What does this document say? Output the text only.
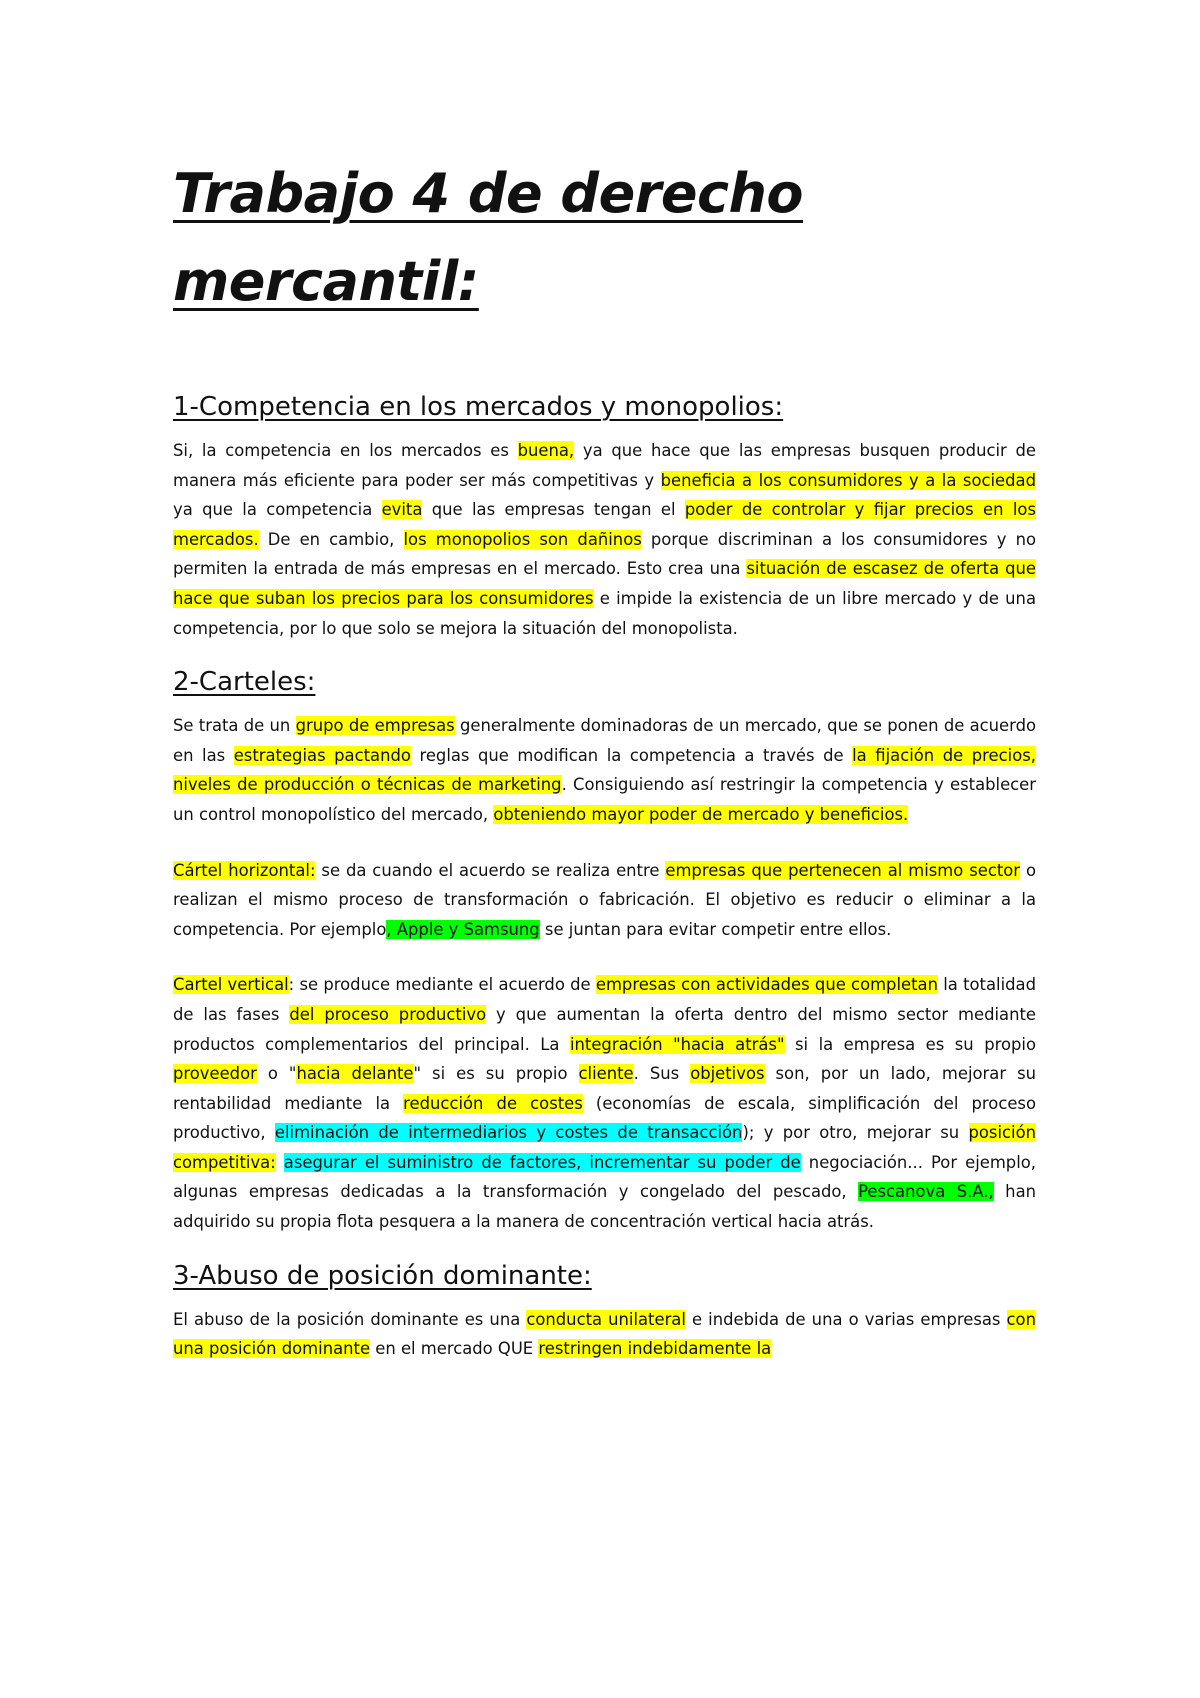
Trabajo 4 de derecho
mercantil:
1-Competencia en los mercados y monopolios:

Si, la competencia en los mercados es buena, ya que hace que las empresas busquen producir de manera más eficiente para poder ser más competitivas y beneficia a los consumidores y a la sociedad ya que la competencia evita que las empresas tengan el poder de controlar y fijar precios en los mercados. De en cambio, los monopolios son dañinos porque discriminan a los consumidores y no permiten la entrada de más empresas en el mercado. Esto crea una situación de escasez de oferta que hace que suban los precios para los consumidores e impide la existencia de un libre mercado y de una competencia, por lo que solo se mejora la situación del monopolista.

2-Carteles:

Se trata de un grupo de empresas generalmente dominadoras de un mercado, que se ponen de acuerdo en las estrategias pactando reglas que modifican la competencia a través de la fijación de precios, niveles de producción o técnicas de marketing. Consiguiendo así restringir la competencia y establecer un control monopolístico del mercado, obteniendo mayor poder de mercado y beneficios.

Cártel horizontal: se da cuando el acuerdo se realiza entre empresas que pertenecen al mismo sector o realizan el mismo proceso de transformación o fabricación. El objetivo es reducir o eliminar a la competencia. Por ejemplo, Apple y Samsung se juntan para evitar competir entre ellos.

Cartel vertical: se produce mediante el acuerdo de empresas con actividades que completan la totalidad de las fases del proceso productivo y que aumentan la oferta dentro del mismo sector mediante productos complementarios del principal. La integración "hacia atrás" si la empresa es su propio proveedor o "hacia delante" si es su propio cliente. Sus objetivos son, por un lado, mejorar su rentabilidad mediante la reducción de costes (economías de escala, simplificación del proceso productivo, eliminación de intermediarios y costes de transacción); y por otro, mejorar su posición competitiva: asegurar el suministro de factores, incrementar su poder de negociación... Por ejemplo, algunas empresas dedicadas a la transformación y congelado del pescado, Pescanova S.A., han adquirido su propia flota pesquera a la manera de concentración vertical hacia atrás.

3-Abuso de posición dominante:

El abuso de la posición dominante es una conducta unilateral e indebida de una o varias empresas con una posición dominante en el mercado QUE restringen indebidamente la
